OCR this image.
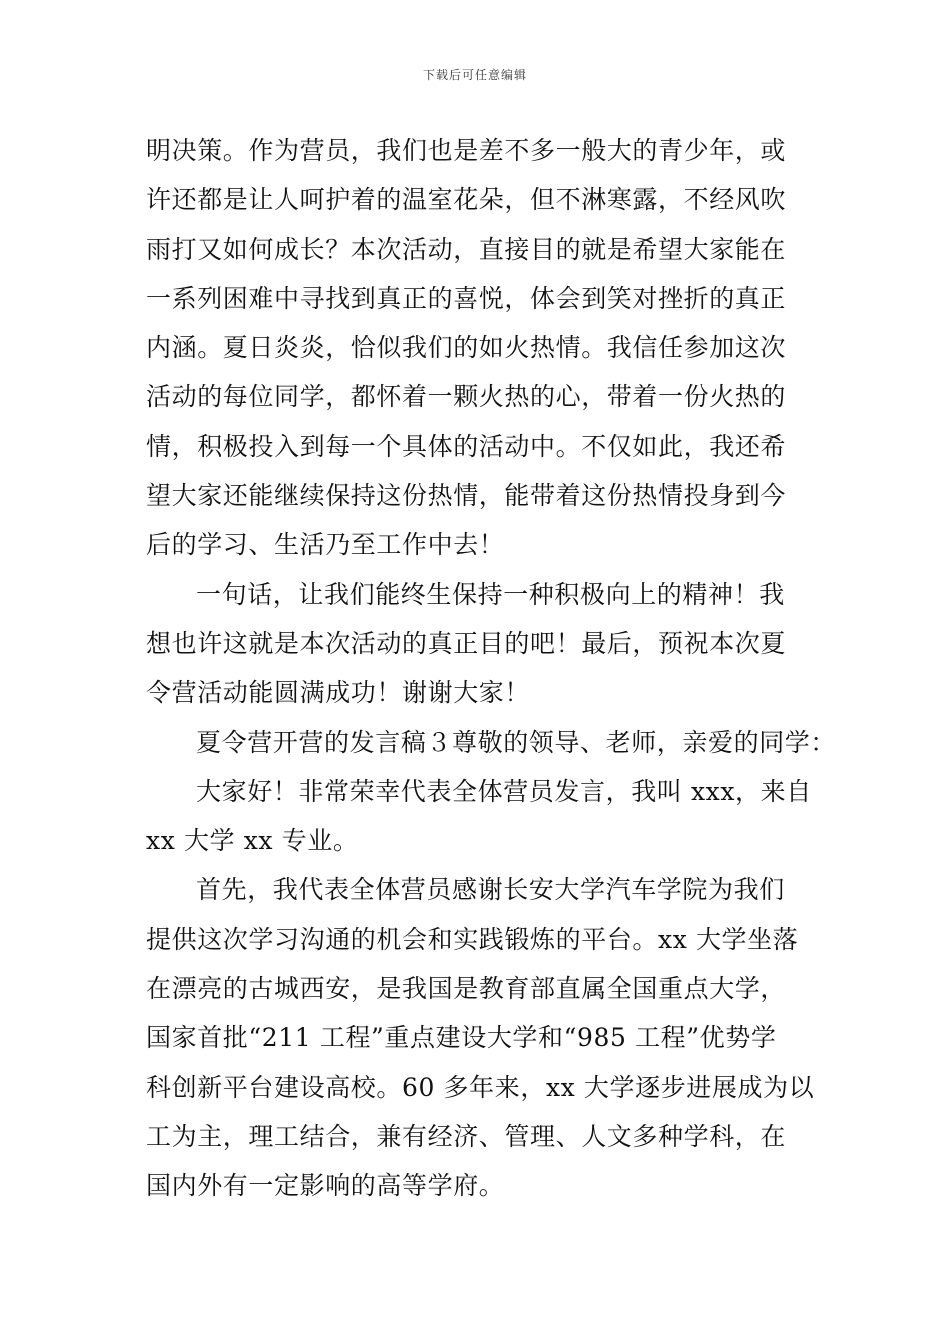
下载后可任意编辑
明决策。作为营员，我们也是差不多一般大的青少年，或
许还都是让人呵护着的温室花朵，但不淋寒露，不经风吹
雨打又如何成长？本次活动，直接目的就是希望大家能在
一系列困难中寻找到真正的喜悦，体会到笑对挫折的真正
内涵。夏日炎炎，恰似我们的如火热情。我信任参加这次
活动的每位同学，都怀着一颗火热的心，带着一份火热的
情，积极投入到每一个具体的活动中。不仅如此，我还希
望大家还能继续保持这份热情，能带着这份热情投身到今
后的学习、生活乃至工作中去！
一句话，让我们能终生保持一种积极向上的精神！我
想也许这就是本次活动的真正目的吧！最后，预祝本次夏
令营活动能圆满成功！谢谢大家！
夏令营开营的发言稿３尊敬的领导、老师，亲爱的同学：
大家好！非常荣幸代表全体营员发言，我叫 xxx，来自
xx 大学 xx 专业。
首先，我代表全体营员感谢长安大学汽车学院为我们
提供这次学习沟通的机会和实践锻炼的平台。xx 大学坐落
在漂亮的古城西安，是我国是教育部直属全国重点大学，
国家首批“211 工程”重点建设大学和“985 工程”优势学
科创新平台建设高校。60 多年来，xx 大学逐步进展成为以
工为主，理工结合，兼有经济、管理、人文多种学科，在
国内外有一定影响的高等学府。
